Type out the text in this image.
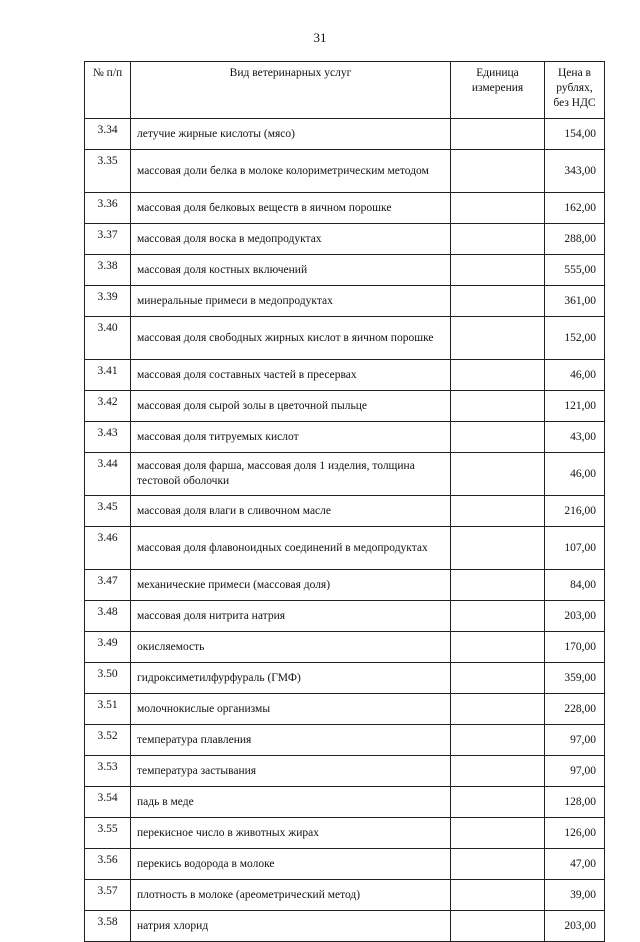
31
№ п/п	Вид ветеринарных услуг	Единица измерения	Цена в рублях, без НДС
3.34	летучие жирные кислоты (мясо)		154,00
3.35	массовая доли белка в молоке колориметрическим методом		343,00
3.36	массовая доля белковых веществ в яичном порошке		162,00
3.37	массовая доля воска в медопродуктах		288,00
3.38	массовая доля костных включений		555,00
3.39	минеральные примеси в медопродуктах		361,00
3.40	массовая доля свободных жирных кислот в яичном порошке		152,00
3.41	массовая доля составных частей в пресервах		46,00
3.42	массовая доля сырой золы в цветочной пыльце		121,00
3.43	массовая доля титруемых кислот		43,00
3.44	массовая доля фарша, массовая доля 1 изделия, толщина тестовой оболочки		46,00
3.45	массовая доля влаги в сливочном масле		216,00
3.46	массовая доля флавоноидных соединений в медопродуктах		107,00
3.47	механические примеси (массовая доля)		84,00
3.48	массовая доля нитрита натрия		203,00
3.49	окисляемость		170,00
3.50	гидроксиметилфурфураль (ГМФ)		359,00
3.51	молочнокислые организмы		228,00
3.52	температура плавления		97,00
3.53	температура застывания		97,00
3.54	падь в меде		128,00
3.55	перекисное число в животных жирах		126,00
3.56	перекись водорода в молоке		47,00
3.57	плотность в молоке (ареометрический метод)		39,00
3.58	натрия хлорид		203,00
